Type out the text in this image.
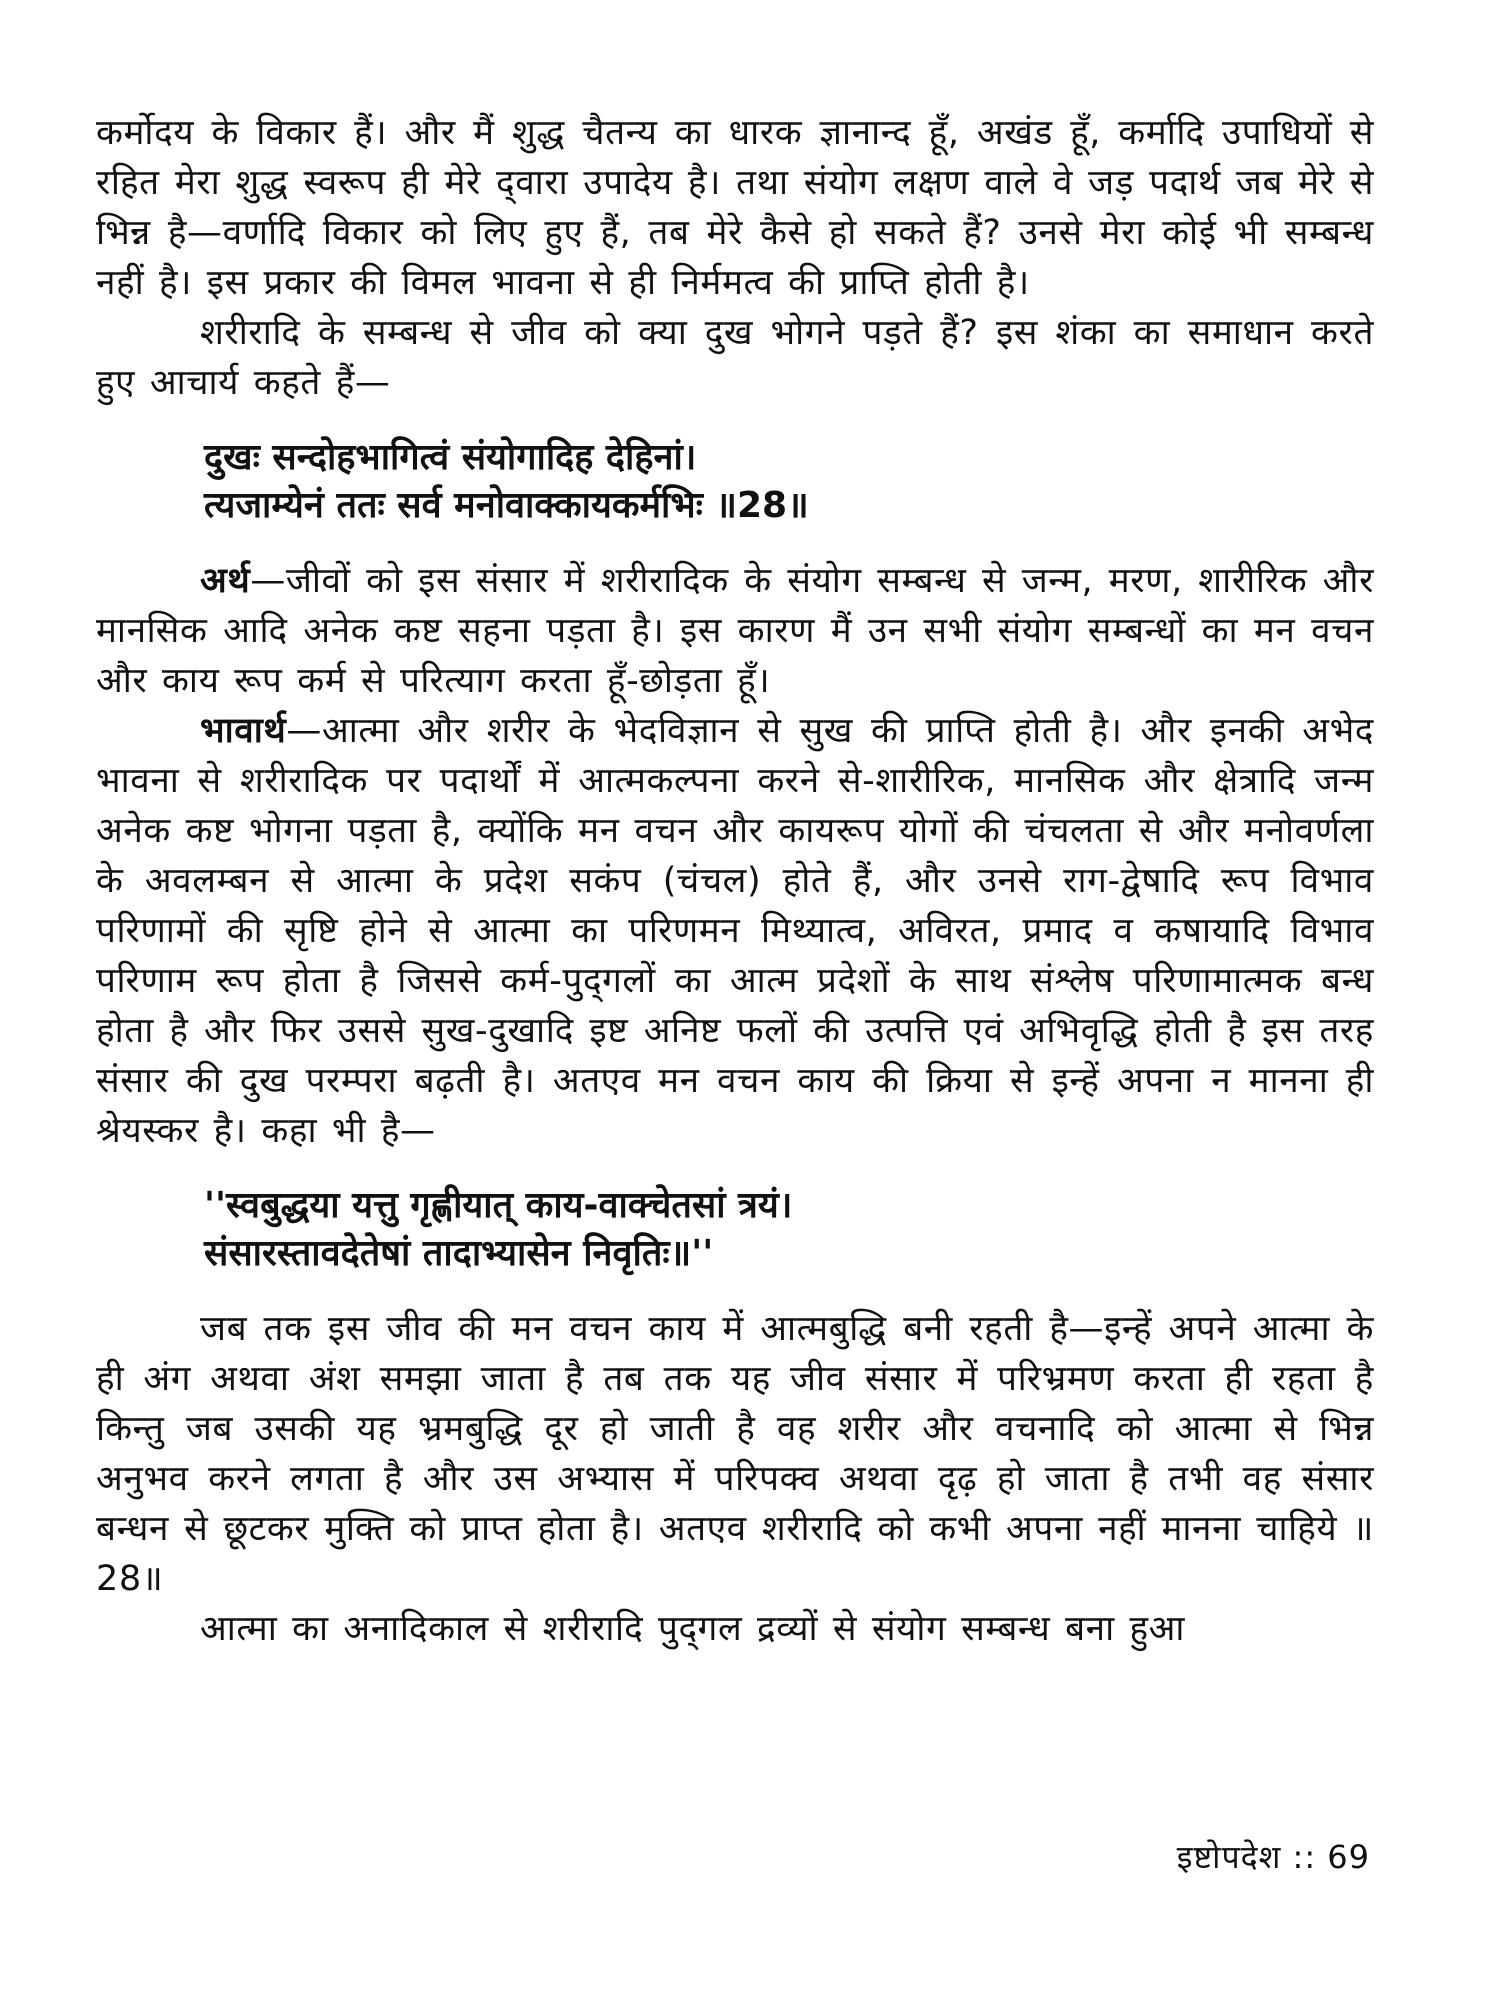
कर्मोदय के विकार हैं। और मैं शुद्ध चैतन्य का धारक ज्ञानान्द हूँ, अखंड हूँ, कर्मादि उपाधियों से रहित मेरा शुद्ध स्वरूप ही मेरे द्‍वारा उपादेय है। तथा संयोग लक्षण वाले वे जड़ पदार्थ जब मेरे से भिन्न है—वर्णादि विकार को लिए हुए हैं, तब मेरे कैसे हो सकते हैं? उनसे मेरा कोई भी सम्बन्ध नहीं है। इस प्रकार की विमल भावना से ही निर्ममत्व की प्राप्ति होती है।

शरीरादि के सम्बन्ध से जीव को क्या दुख भोगने पड़ते हैं? इस शंका का समाधान करते हुए आचार्य कहते हैं—

दुखः सन्दोहभागित्वं संयोगादिह देहिनां।
त्यजाम्येनं ततः सर्व मनोवाक्कायकर्मभिः ॥28॥

अर्थ—जीवों को इस संसार में शरीरादिक के संयोग सम्बन्ध से जन्म, मरण, शारीरिक और मानसिक आदि अनेक कष्ट सहना पड़ता है। इस कारण मैं उन सभी संयोग सम्बन्धों का मन वचन और काय रूप कर्म से परित्याग करता हूँ-छोड़ता हूँ।

भावार्थ—आत्मा और शरीर के भेदविज्ञान से सुख की प्राप्ति होती है। और इनकी अभेद भावना से शरीरादिक पर पदार्थों में आत्मकल्पना करने से-शारीरिक, मानसिक और क्षेत्रादि जन्म अनेक कष्ट भोगना पड़ता है, क्योंकि मन वचन और कायरूप योगों की चंचलता से और मनोवर्णला के अवलम्बन से आत्मा के प्रदेश सकंप (चंचल) होते हैं, और उनसे राग-द्वेषादि रूप विभाव परिणामों की सृष्टि होने से आत्मा का परिणमन मिथ्यात्व, अविरत, प्रमाद व कषायादि विभाव परिणाम रूप होता है जिससे कर्म-पुद्‍गलों का आत्म प्रदेशों के साथ संश्लेष परिणामात्मक बन्ध होता है और फिर उससे सुख-दुखादि इष्ट अनिष्ट फलों की उत्पत्ति एवं अभिवृद्धि होती है इस तरह संसार की दुख परम्परा बढ़ती है। अतएव मन वचन काय की क्रिया से इन्हें अपना न मानना ही श्रेयस्कर है। कहा भी है—

''स्वबुद्धया यत्तु गृह्णीयात्‌ काय-वाक्चेतसां त्रयं।
संसारस्तावदेतेषां तादाभ्यासेन निवृतिः॥''

जब तक इस जीव की मन वचन काय में आत्मबुद्धि बनी रहती है—इन्हें अपने आत्मा के ही अंग अथवा अंश समझा जाता है तब तक यह जीव संसार में परिभ्रमण करता ही रहता है किन्तु जब उसकी यह भ्रमबुद्धि दूर हो जाती है वह शरीर और वचनादि को आत्मा से भिन्न अनुभव करने लगता है और उस अभ्यास में परिपक्व अथवा दृढ़ हो जाता है तभी वह संसार बन्धन से छूटकर मुक्ति को प्राप्त होता है। अतएव शरीरादि को कभी अपना नहीं मानना चाहिये ॥28॥

आत्मा का अनादिकाल से शरीरादि पुद्‍गल द्रव्यों से संयोग सम्बन्ध बना हुआ

इष्टोपदेश :: 69
